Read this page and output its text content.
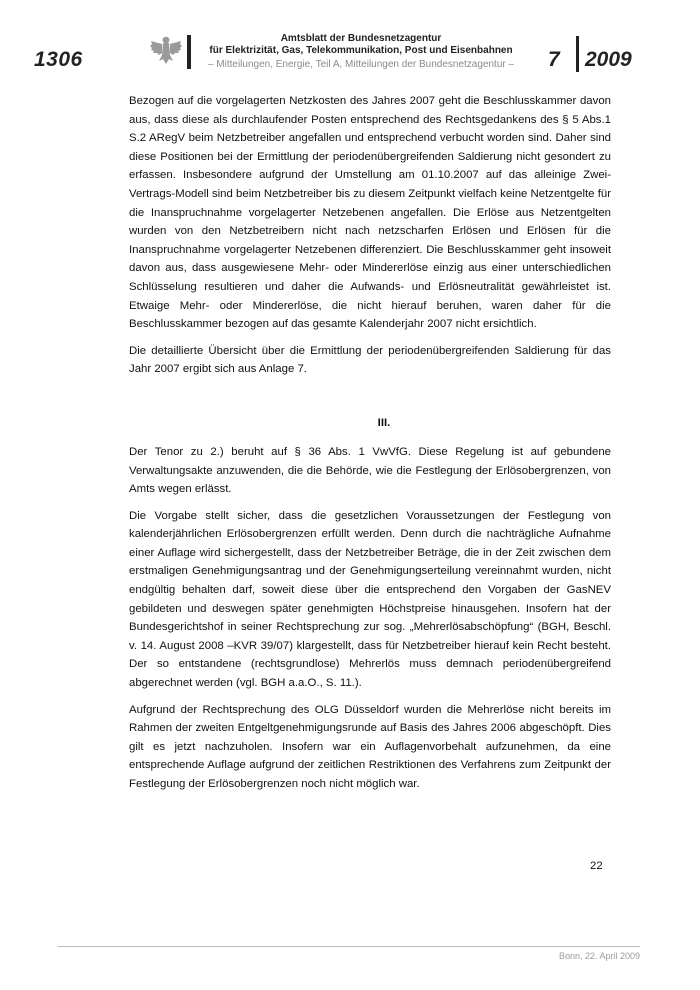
1306
Amtsblatt der Bundesnetzagentur
für Elektrizität, Gas, Telekommunikation, Post und Eisenbahnen
– Mitteilungen, Energie, Teil A, Mitteilungen der Bundesnetzagentur –	7 2009

Bezogen auf die vorgelagerten Netzkosten des Jahres 2007 geht die Beschlusskammer davon aus, dass diese als durchlaufender Posten entsprechend des Rechtsgedankens des § 5 Abs.1 S.2 ARegV beim Netzbetreiber angefallen und entsprechend verbucht worden sind. Daher sind diese Positionen bei der Ermittlung der periodenübergreifenden Saldierung nicht gesondert zu erfassen. Insbesondere aufgrund der Umstellung am 01.10.2007 auf das alleinige Zwei-Vertrags-Modell sind beim Netzbetreiber bis zu diesem Zeitpunkt vielfach keine Netzentgelte für die Inanspruchnahme vorgelagerter Netzebenen angefallen. Die Erlöse aus Netzentgelten wurden von den Netzbetreibern nicht nach netzscharfen Erlösen und Erlösen für die Inanspruchnahme vorgelagerter Netzebenen differenziert. Die Beschlusskammer geht insoweit davon aus, dass ausgewiesene Mehr- oder Mindererlöse einzig aus einer unterschiedlichen Schlüsselung resultieren und daher die Aufwands- und Erlösneutralität gewährleistet ist. Etwaige Mehr- oder Mindererlöse, die nicht hierauf beruhen, waren daher für die Beschlusskammer bezogen auf das gesamte Kalenderjahr 2007 nicht ersichtlich.

Die detaillierte Übersicht über die Ermittlung der periodenübergreifenden Saldierung für das Jahr 2007 ergibt sich aus Anlage 7.

III.

Der Tenor zu 2.) beruht auf § 36 Abs. 1 VwVfG. Diese Regelung ist auf gebundene Verwaltungsakte anzuwenden, die die Behörde, wie die Festlegung der Erlösobergrenzen, von Amts wegen erlässt.

Die Vorgabe stellt sicher, dass die gesetzlichen Voraussetzungen der Festlegung von kalenderjährlichen Erlösobergrenzen erfüllt werden. Denn durch die nachträgliche Aufnahme einer Auflage wird sichergestellt, dass der Netzbetreiber Beträge, die in der Zeit zwischen dem erstmaligen Genehmigungsantrag und der Genehmigungserteilung vereinnahmt wurden, nicht endgültig behalten darf, soweit diese über die entsprechend den Vorgaben der GasNEV gebildeten und deswegen später genehmigten Höchstpreise hinausgehen. Insofern hat der Bundesgerichtshof in seiner Rechtsprechung zur sog. „Mehrerlösabschöpfung“ (BGH, Beschl. v. 14. August 2008 –KVR 39/07) klargestellt, dass für Netzbetreiber hierauf kein Recht besteht. Der so entstandene (rechtsgrundlose) Mehrerlös muss demnach periodenübergreifend abgerechnet werden (vgl. BGH a.a.O., S. 11.).

Aufgrund der Rechtsprechung des OLG Düsseldorf wurden die Mehrerlöse nicht bereits im Rahmen der zweiten Entgeltgenehmigungsrunde auf Basis des Jahres 2006 abgeschöpft. Dies gilt es jetzt nachzuholen. Insofern war ein Auflagenvorbehalt aufzunehmen, da eine entsprechende Auflage aufgrund der zeitlichen Restriktionen des Verfahrens zum Zeitpunkt der Festlegung der Erlösobergrenzen noch nicht möglich war.

22
Bonn, 22. April 2009
